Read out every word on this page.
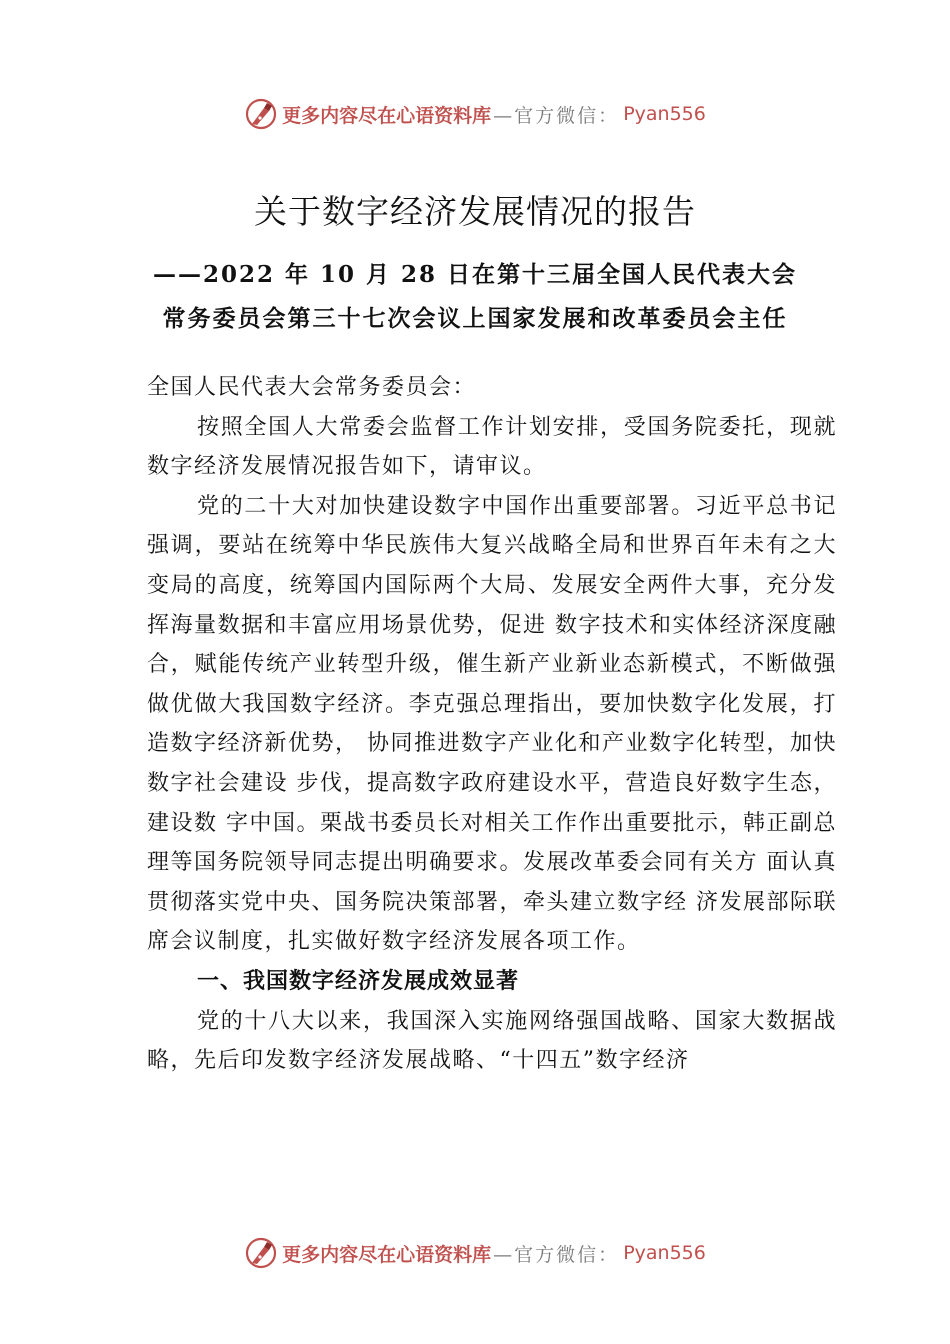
更多内容尽在心语资料库 —官方微信： Pyan556
关于数字经济发展情况的报告
——2022 年 10 月 28 日在第十三届全国人民代表大会
常务委员会第三十七次会议上国家发展和改革委员会主任

全国人民代表大会常务委员会：

按照全国人大常委会监督工作计划安排，受国务院委托，现就数字经济发展情况报告如下，请审议。

党的二十大对加快建设数字中国作出重要部署。习近平总书记强调，要站在统筹中华民族伟大复兴战略全局和世界百年未有之大变局的高度，统筹国内国际两个大局、发展安全两件大事，充分发挥海量数据和丰富应用场景优势，促进 数字技术和实体经济深度融合，赋能传统产业转型升级，催生新产业新业态新模式，不断做强做优做大我国数字经济。李克强总理指出，要加快数字化发展，打造数字经济新优势， 协同推进数字产业化和产业数字化转型，加快数字社会建设 步伐，提高数字政府建设水平，营造良好数字生态，建设数 字中国。栗战书委员长对相关工作作出重要批示，韩正副总 理等国务院领导同志提出明确要求。发展改革委会同有关方 面认真贯彻落实党中央、国务院决策部署，牵头建立数字经 济发展部际联席会议制度，扎实做好数字经济发展各项工作。

一、我国数字经济发展成效显著

党的十八大以来，我国深入实施网络强国战略、国家大数据战略，先后印发数字经济发展战略、“十四五”数字经济

更多内容尽在心语资料库 —官方微信： Pyan556
